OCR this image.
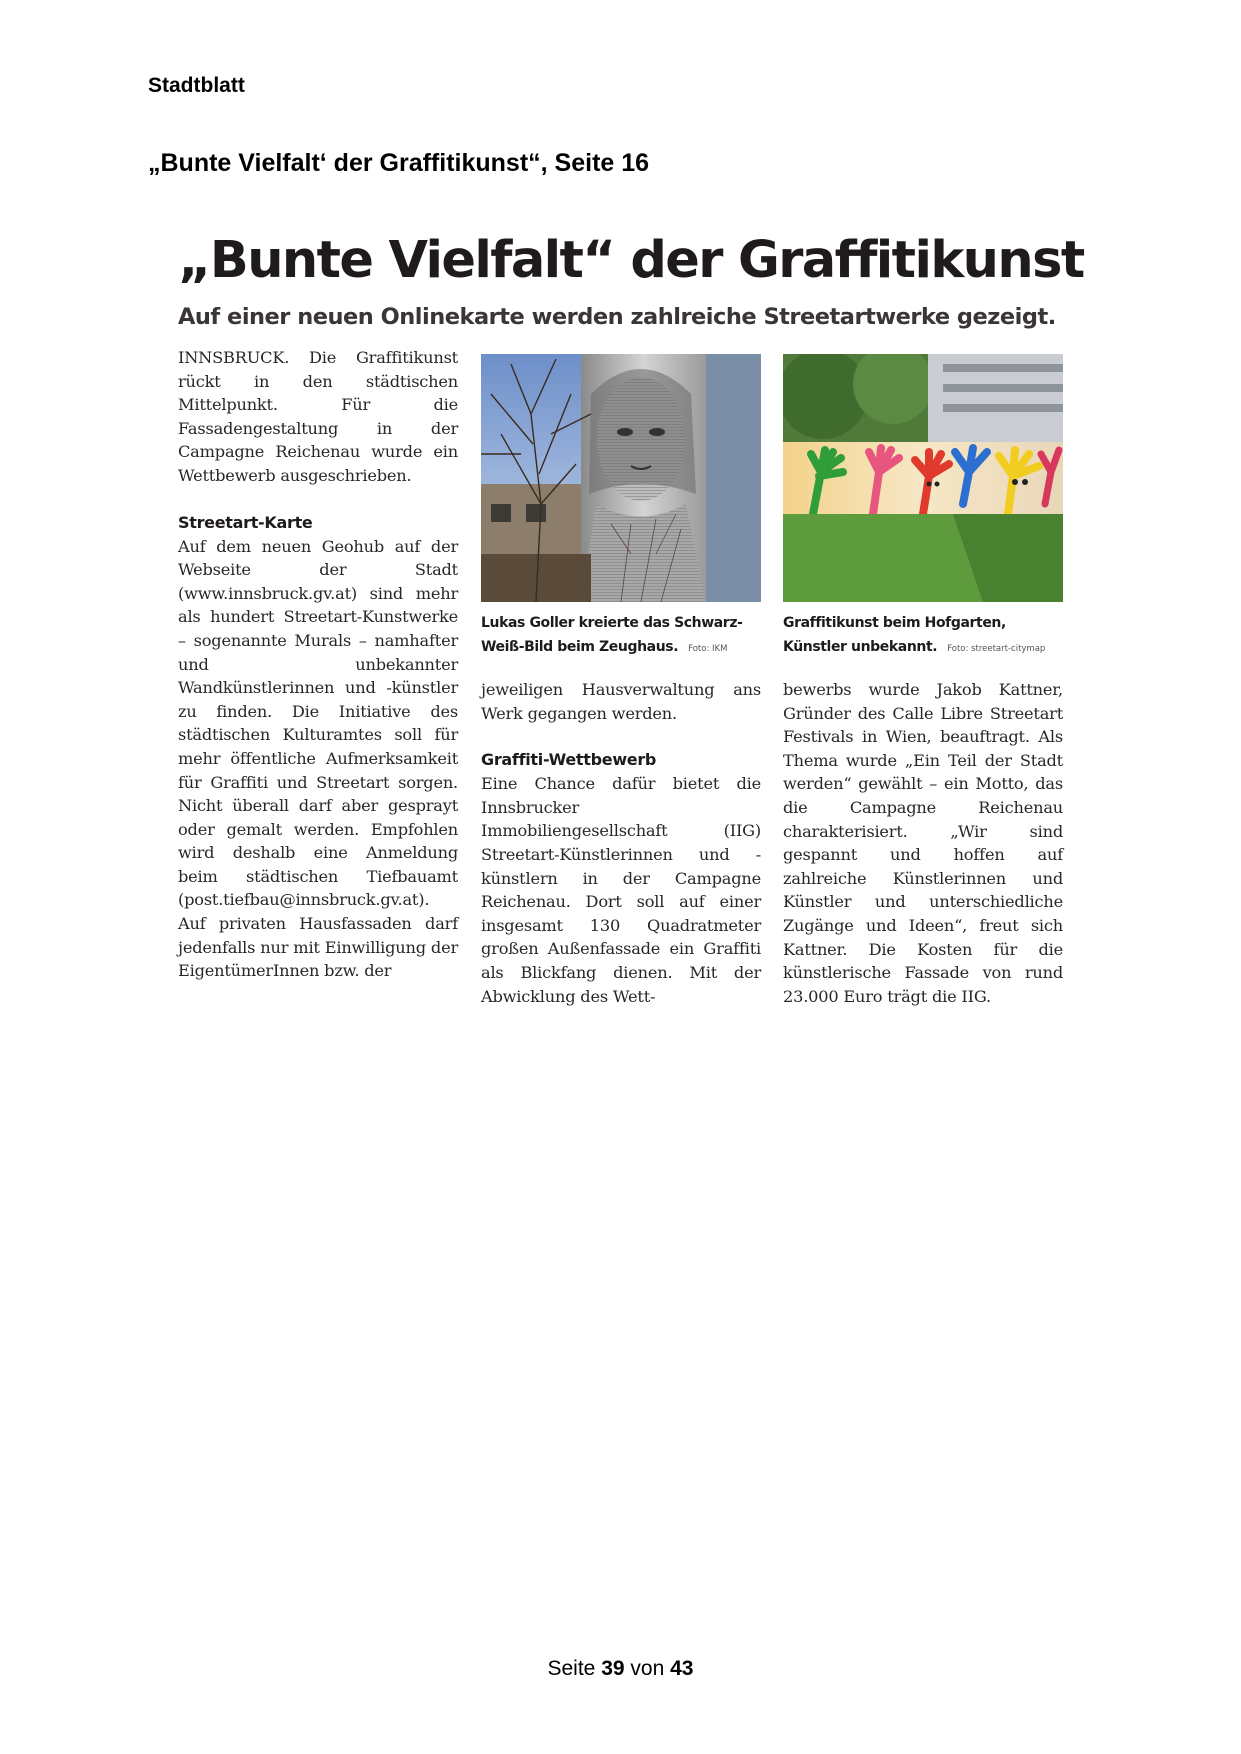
Stadtblatt
„Bunte Vielfalt‘ der Graffitikunst“, Seite 16
„Bunte Vielfalt“ der Graffitikunst
Auf einer neuen Onlinekarte werden zahlreiche Streetartwerke gezeigt.

INNSBRUCK. Die Graffitikunst rückt in den städtischen Mittelpunkt. Für die Fassadengestaltung in der Campagne Reichenau wurde ein Wettbewerb ausgeschrieben.

Streetart-Karte

Auf dem neuen Geohub auf der Webseite der Stadt (www.innsbruck.gv.at) sind mehr als hundert Streetart-Kunstwerke – sogenannte Murals – namhafter und unbekannter Wandkünstlerinnen und -künstler zu finden. Die Initiative des städtischen Kulturamtes soll für mehr öffentliche Aufmerksamkeit für Graffiti und Streetart sorgen. Nicht überall darf aber gesprayt oder gemalt werden. Empfohlen wird deshalb eine Anmeldung beim städtischen Tiefbauamt (post.tiefbau@innsbruck.gv.at). Auf privaten Hausfassaden darf jedenfalls nur mit Einwilligung der EigentümerInnen bzw. der

Lukas Goller kreierte das Schwarz-Weiß-Bild beim Zeughaus. Foto: IKM

jeweiligen Hausverwaltung ans Werk gegangen werden.

Graffiti-Wettbewerb

Eine Chance dafür bietet die Innsbrucker Immobiliengesellschaft (IIG) Streetart-Künstlerinnen und -künstlern in der Campagne Reichenau. Dort soll auf einer insgesamt 130 Quadratmeter großen Außenfassade ein Graffiti als Blickfang dienen. Mit der Abwicklung des Wett-

Graffitikunst beim Hofgarten, Künstler unbekannt. Foto: streetart-citymap

bewerbs wurde Jakob Kattner, Gründer des Calle Libre Streetart Festivals in Wien, beauftragt. Als Thema wurde „Ein Teil der Stadt werden“ gewählt – ein Motto, das die Campagne Reichenau charakterisiert. „Wir sind gespannt und hoffen auf zahlreiche Künstlerinnen und Künstler und unterschiedliche Zugänge und Ideen“, freut sich Kattner. Die Kosten für die künstlerische Fassade von rund 23.000 Euro trägt die IIG.

Seite 39 von 43
